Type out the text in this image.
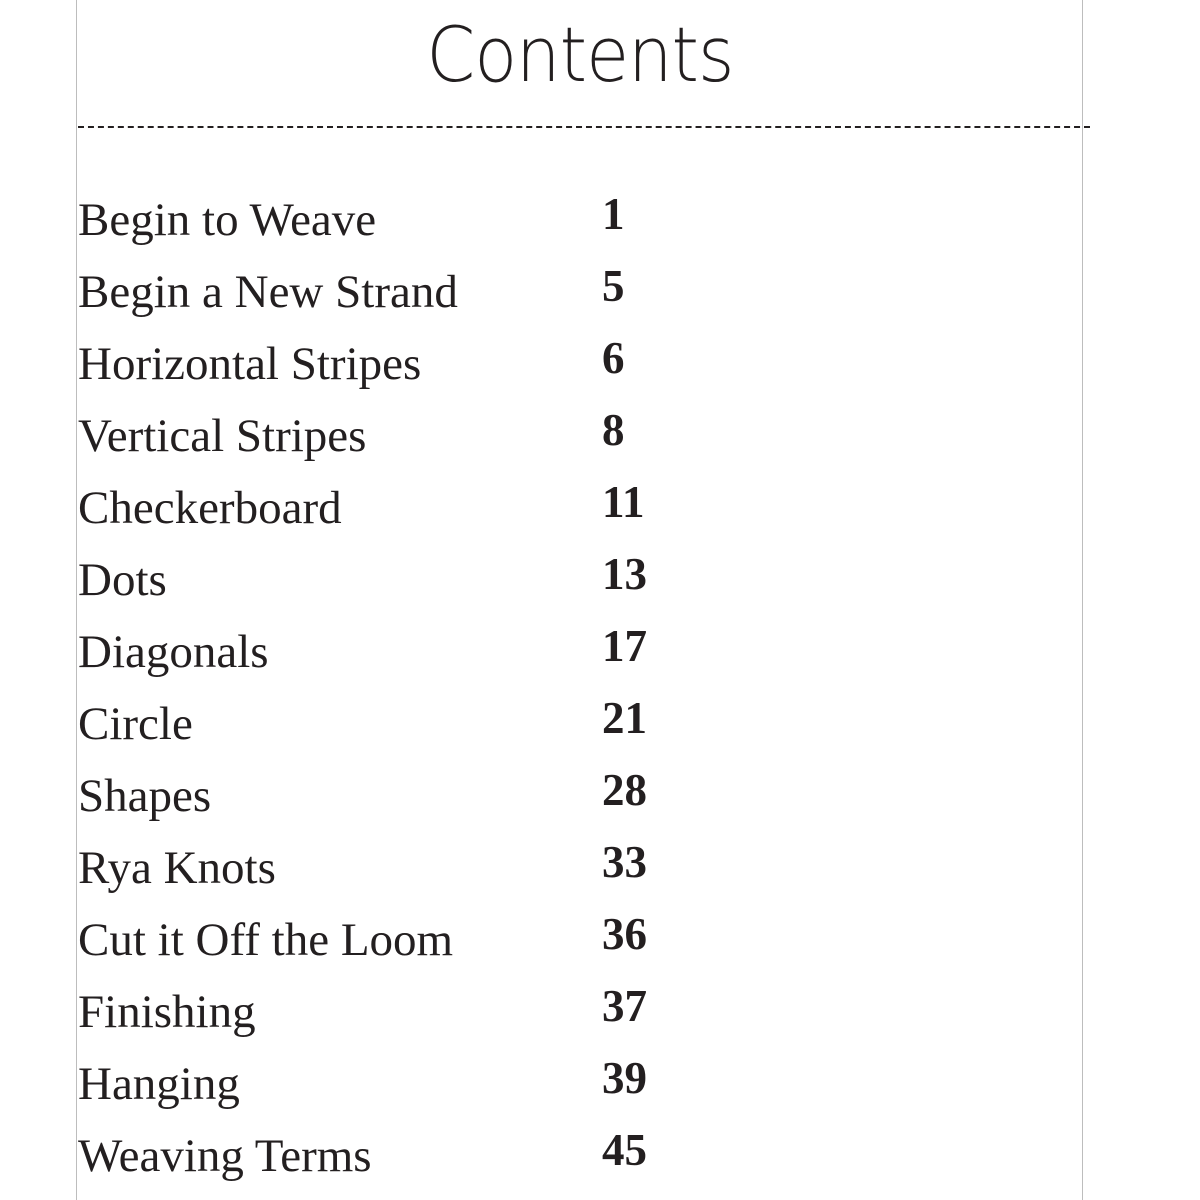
Contents
Begin to Weave	1
Begin a New Strand	5
Horizontal Stripes	6
Vertical Stripes	8
Checkerboard	11
Dots	13
Diagonals	17
Circle	21
Shapes	28
Rya Knots	33
Cut it Off the Loom	36
Finishing	37
Hanging	39
Weaving Terms	45
